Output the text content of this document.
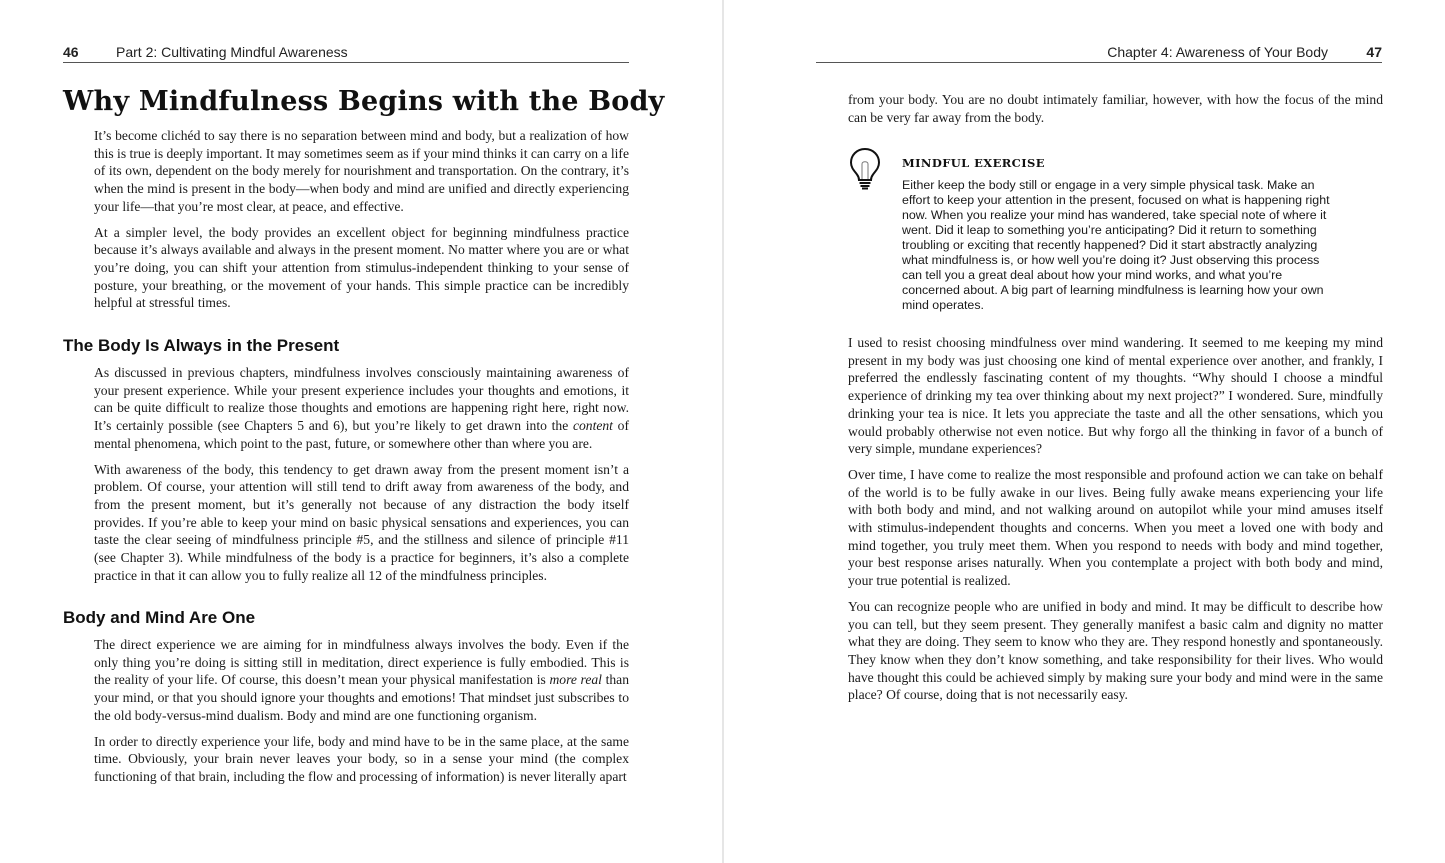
46	Part 2: Cultivating Mindful Awareness
Why Mindfulness Begins with the Body

It’s become clichéd to say there is no separation between mind and body, but a realization of how this is true is deeply important. It may sometimes seem as if your mind thinks it can carry on a life of its own, dependent on the body merely for nourishment and transportation. On the contrary, it’s when the mind is present in the body—when body and mind are unified and directly experiencing your life—that you’re most clear, at peace, and effective.

At a simpler level, the body provides an excellent object for beginning mindfulness practice because it’s always available and always in the present moment. No matter where you are or what you’re doing, you can shift your attention from stimulus-independent thinking to your sense of posture, your breathing, or the movement of your hands. This simple practice can be incredibly helpful at stressful times.

The Body Is Always in the Present

As discussed in previous chapters, mindfulness involves consciously maintaining awareness of your present experience. While your present experience includes your thoughts and emotions, it can be quite difficult to realize those thoughts and emotions are happening right here, right now. It’s certainly possible (see Chapters 5 and 6), but you’re likely to get drawn into the content of mental phenomena, which point to the past, future, or somewhere other than where you are.

With awareness of the body, this tendency to get drawn away from the present moment isn’t a problem. Of course, your attention will still tend to drift away from awareness of the body, and from the present moment, but it’s generally not because of any distraction the body itself provides. If you’re able to keep your mind on basic physical sensations and experiences, you can taste the clear seeing of mindfulness principle #5, and the stillness and silence of principle #11 (see Chapter 3). While mindfulness of the body is a practice for beginners, it’s also a complete practice in that it can allow you to fully realize all 12 of the mindfulness principles.

Body and Mind Are One

The direct experience we are aiming for in mindfulness always involves the body. Even if the only thing you’re doing is sitting still in meditation, direct experience is fully embodied. This is the reality of your life. Of course, this doesn’t mean your physical manifestation is more real than your mind, or that you should ignore your thoughts and emotions! That mindset just subscribes to the old body-versus-mind dualism. Body and mind are one functioning organism.

In order to directly experience your life, body and mind have to be in the same place, at the same time. Obviously, your brain never leaves your body, so in a sense your mind (the complex functioning of that brain, including the flow and processing of information) is never literally apart

Chapter 4: Awareness of Your Body	47

from your body. You are no doubt intimately familiar, however, with how the focus of the mind can be very far away from the body.

MINDFUL EXERCISE

Either keep the body still or engage in a very simple physical task. Make an effort to keep your attention in the present, focused on what is happening right now. When you realize your mind has wandered, take special note of where it went. Did it leap to something you’re anticipating? Did it return to something troubling or exciting that recently happened? Did it start abstractly analyzing what mindfulness is, or how well you’re doing it? Just observing this process can tell you a great deal about how your mind works, and what you’re concerned about. A big part of learning mindfulness is learning how your own mind operates.

I used to resist choosing mindfulness over mind wandering. It seemed to me keeping my mind present in my body was just choosing one kind of mental experience over another, and frankly, I preferred the endlessly fascinating content of my thoughts. “Why should I choose a mindful experience of drinking my tea over thinking about my next project?” I wondered. Sure, mindfully drinking your tea is nice. It lets you appreciate the taste and all the other sensations, which you would probably otherwise not even notice. But why forgo all the thinking in favor of a bunch of very simple, mundane experiences?

Over time, I have come to realize the most responsible and profound action we can take on behalf of the world is to be fully awake in our lives. Being fully awake means experiencing your life with both body and mind, and not walking around on autopilot while your mind amuses itself with stimulus-independent thoughts and concerns. When you meet a loved one with body and mind together, you truly meet them. When you respond to needs with body and mind together, your best response arises naturally. When you contemplate a project with both body and mind, your true potential is realized.

You can recognize people who are unified in body and mind. It may be difficult to describe how you can tell, but they seem present. They generally manifest a basic calm and dignity no matter what they are doing. They seem to know who they are. They respond honestly and spontaneously. They know when they don’t know something, and take responsibility for their lives. Who would have thought this could be achieved simply by making sure your body and mind were in the same place? Of course, doing that is not necessarily easy.
